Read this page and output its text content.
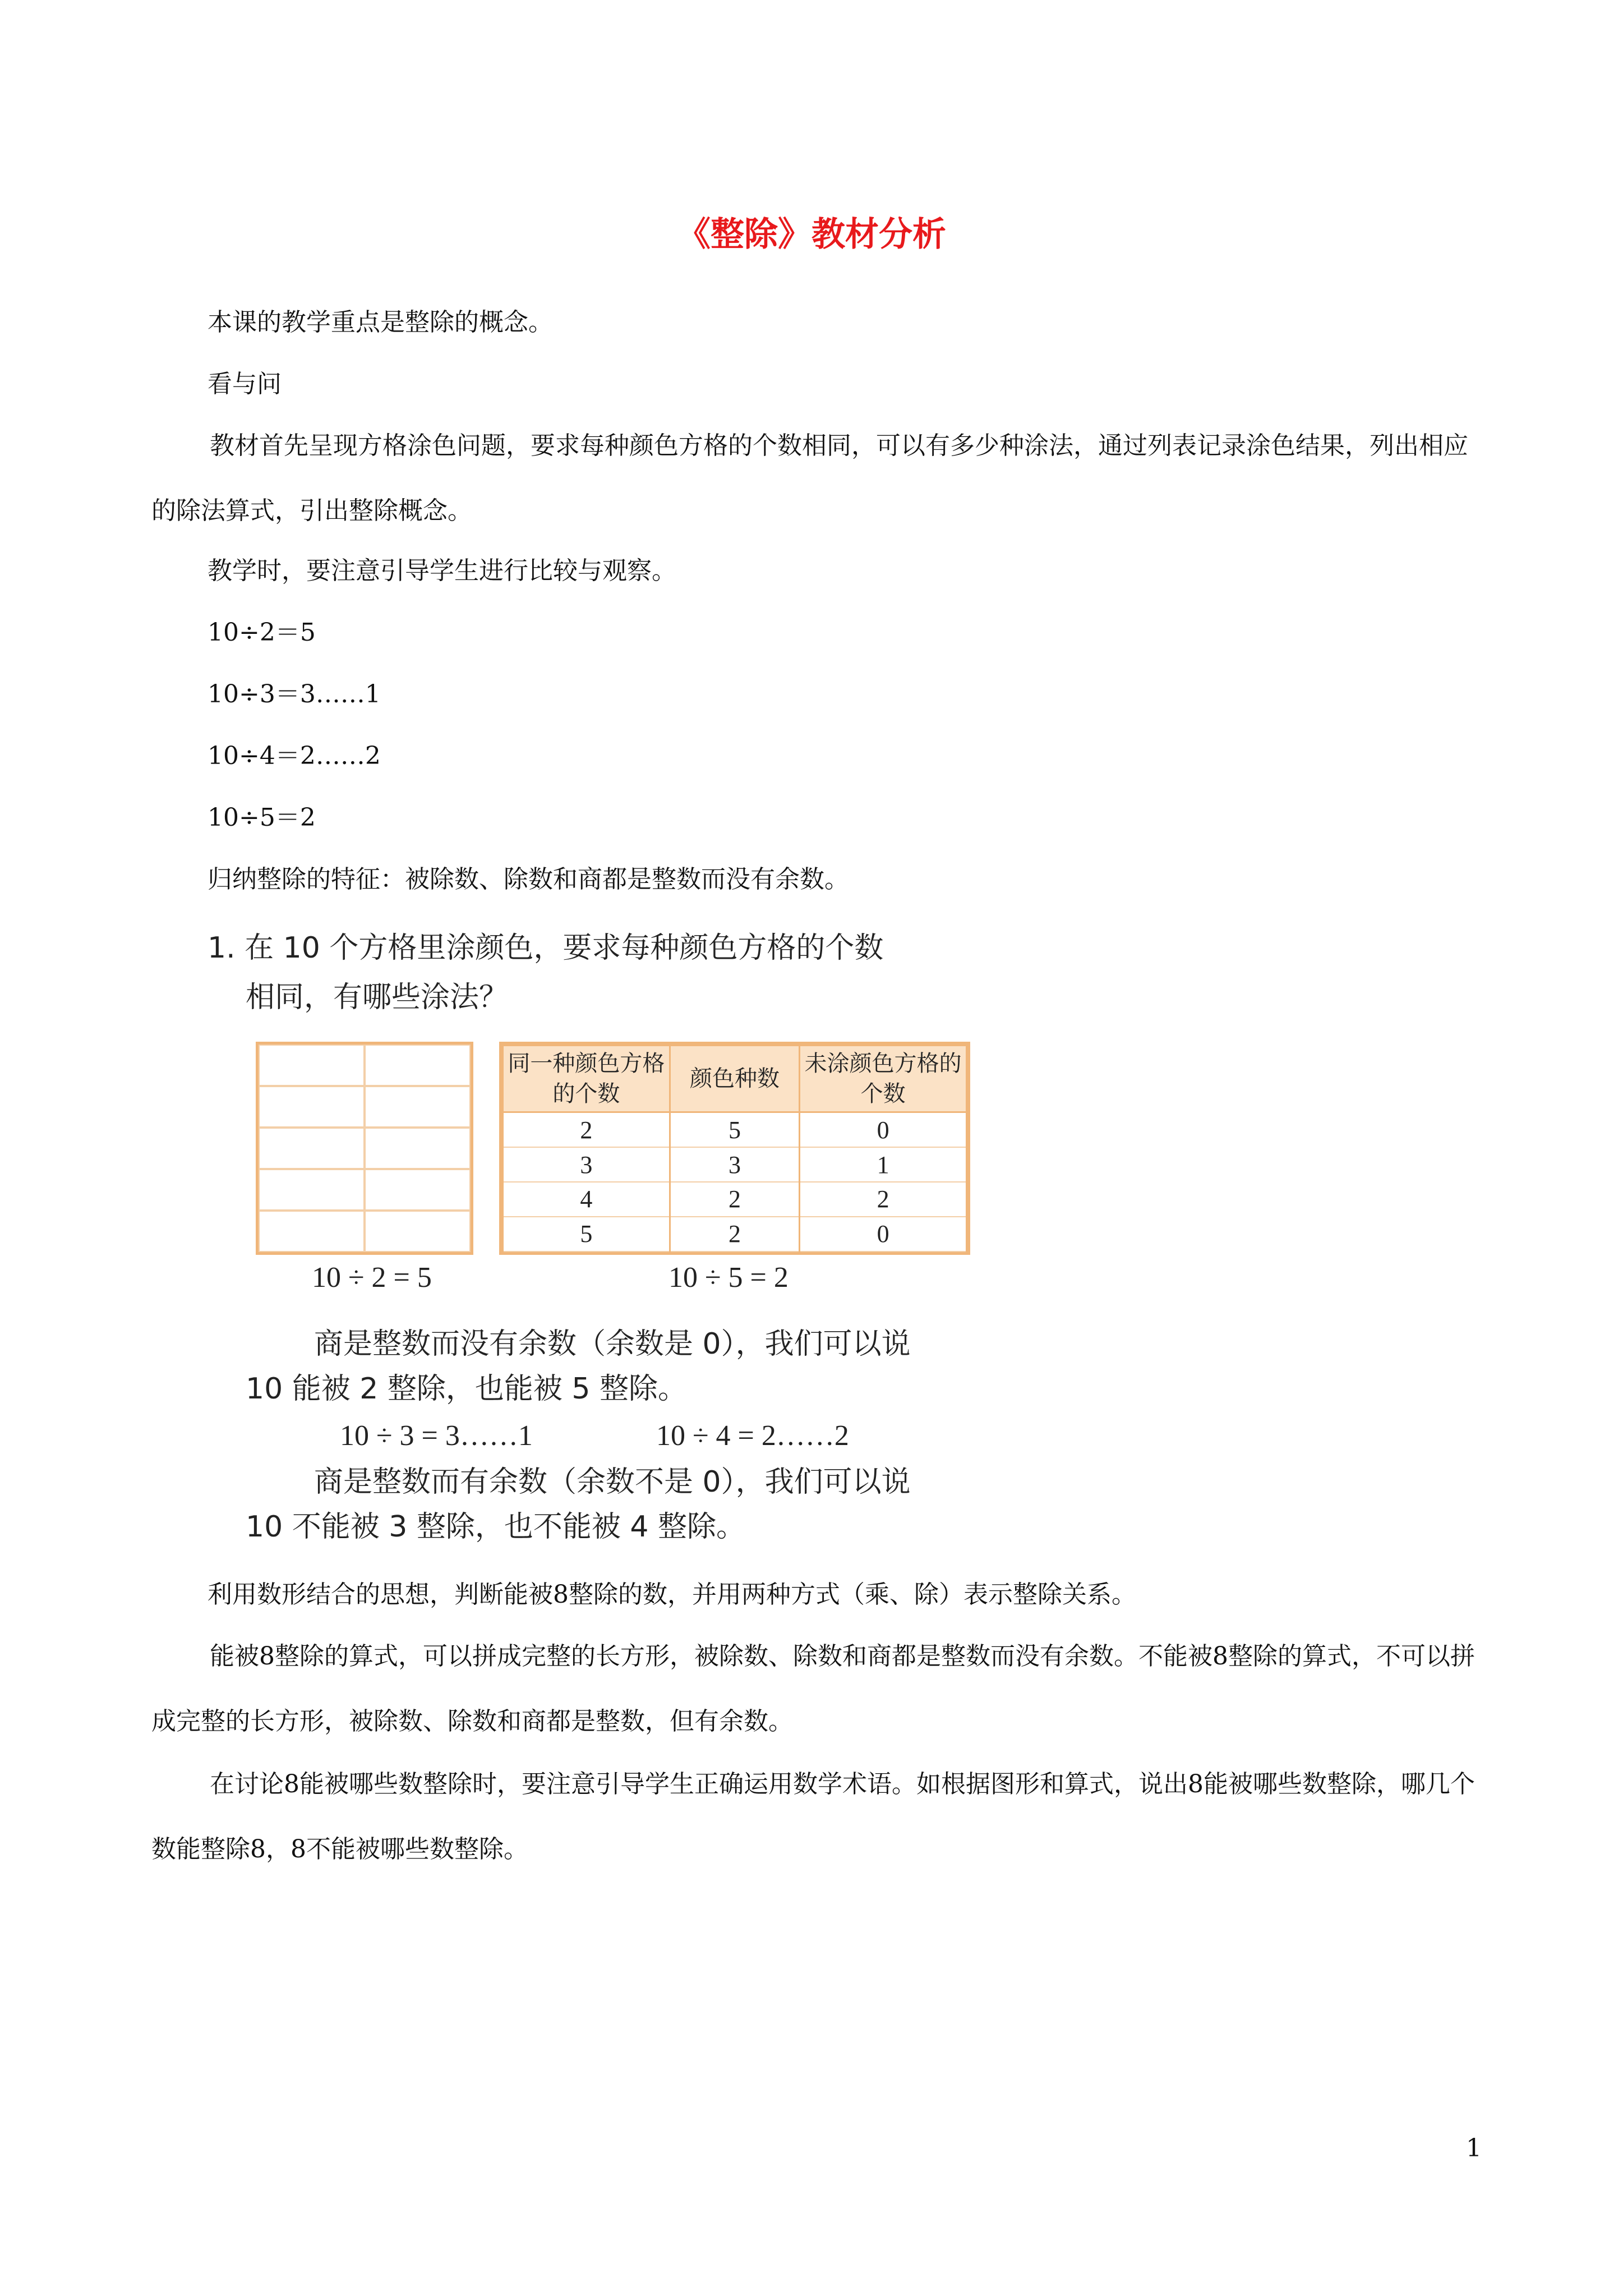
《整除》教材分析
本课的教学重点是整除的概念。
看与问
教材首先呈现方格涂色问题，要求每种颜色方格的个数相同，可以有多少种涂法，通过列表记录涂色结果，列出相应的除法算式，引出整除概念。
教学时，要注意引导学生进行比较与观察。
10÷2＝5
10÷3＝3……1
10÷4＝2……2
10÷5＝2
归纳整除的特征：被除数、除数和商都是整数而没有余数。
1. 在 10 个方格里涂颜色，要求每种颜色方格的个数
相同，有哪些涂法？
同一种颜色方格的个数	颜色种数	未涂颜色方格的个数
2	5	0
3	3	1
4	2	2
5	2	0
10 ÷ 2 = 5	10 ÷ 5 = 2
商是整数而没有余数（余数是 0），我们可以说
10 能被 2 整除，也能被 5 整除。
10 ÷ 3 = 3……1	10 ÷ 4 = 2……2
商是整数而有余数（余数不是 0），我们可以说
10 不能被 3 整除，也不能被 4 整除。
利用数形结合的思想，判断能被8整除的数，并用两种方式（乘、除）表示整除关系。
能被8整除的算式，可以拼成完整的长方形，被除数、除数和商都是整数而没有余数。不能被8整除的算式，不可以拼成完整的长方形，被除数、除数和商都是整数，但有余数。
在讨论8能被哪些数整除时，要注意引导学生正确运用数学术语。如根据图形和算式，说出8能被哪些数整除，哪几个数能整除8，8不能被哪些数整除。
1
